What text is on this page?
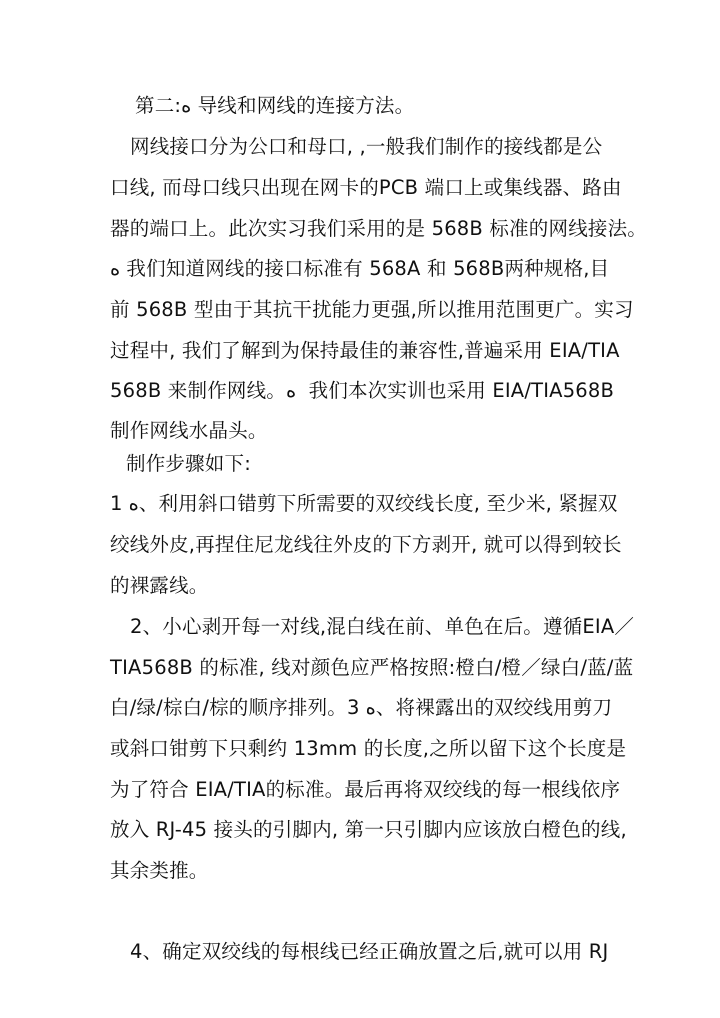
第二:ﻩ 导线和网线的连接方法。
网线接口分为公口和母口, ,一般我们制作的接线都是公
口线, 而母口线只出现在网卡的PCB 端口上或集线器、路由
器的端口上。此次实习我们采用的是 568B 标准的网线接法。
ﻩ 我们知道网线的接口标准有 568A 和 568B两种规格,目
前 568B 型由于其抗干扰能力更强,所以推用范围更广。实习
过程中, 我们了解到为保持最佳的兼容性,普遍采用 EIA/TIA
568B 来制作网线。ﻩ  我们本次实训也采用 EIA/TIA568B
制作网线水晶头。
制作步骤如下:
ﻩ 1、利用斜口错剪下所需要的双绞线长度, 至少米, 紧握双
绞线外皮,再捏住尼龙线往外皮的下方剥开, 就可以得到较长
的裸露线。
2、小心剥开每一对线,混白线在前、单色在后。遵循EIA／
TIA568B 的标准, 线对颜色应严格按照:橙白/橙／绿白/蓝/蓝
白/绿/棕白/棕的顺序排列。ﻩ 3、将裸露出的双绞线用剪刀
或斜口钳剪下只剩约 13mm 的长度,之所以留下这个长度是
为了符合 EIA/TIA的标准。最后再将双绞线的每一根线依序
放入 RJ-45 接头的引脚内, 第一只引脚内应该放白橙色的线,
其余类推。
4、确定双绞线的每根线已经正确放置之后,就可以用 RJ
